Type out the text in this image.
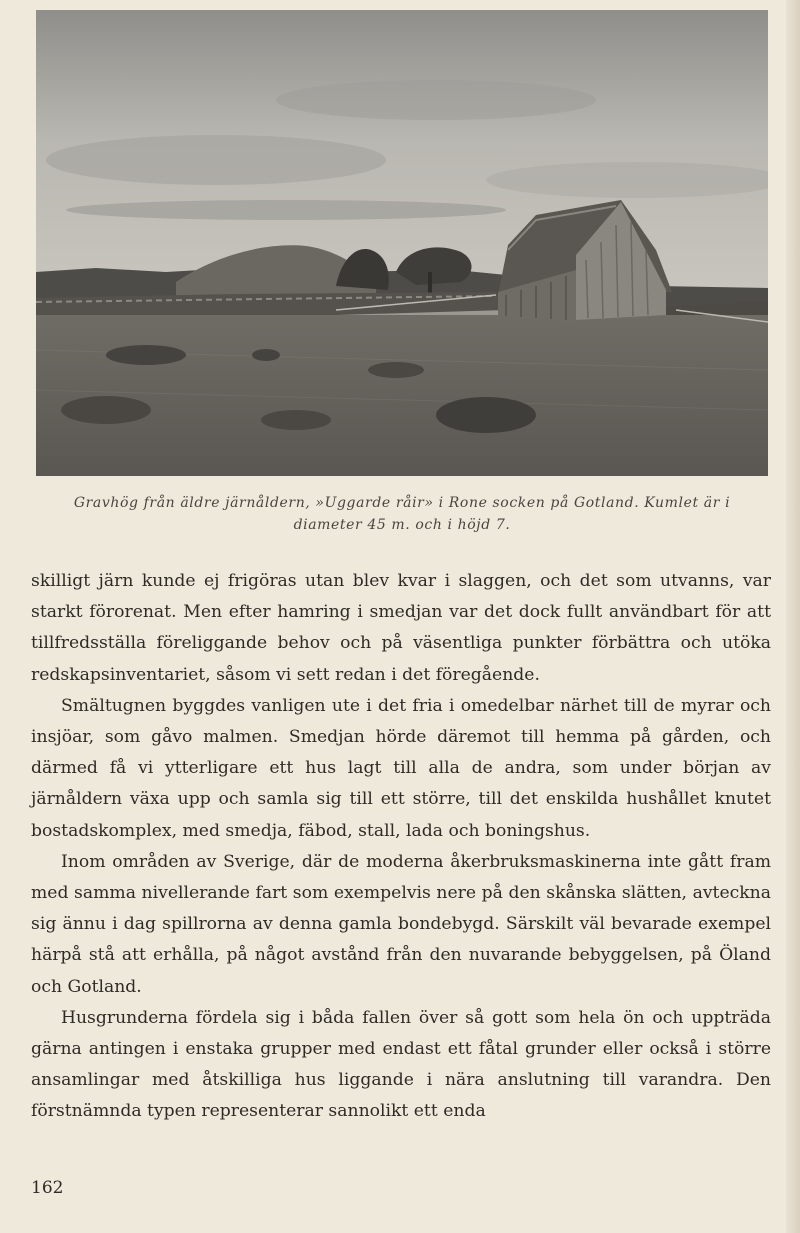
Gravhög från äldre järnåldern, »Uggarde råir» i Rone socken på Gotland. Kumlet är i
diameter 45 m. och i höjd 7.

skilligt järn kunde ej frigöras utan blev kvar i slaggen, och det som utvanns, var starkt förorenat. Men efter hamring i smedjan var det dock fullt användbart för att tillfredsställa föreliggande behov och på väsentliga punkter förbättra och utöka redskapsinventariet, såsom vi sett redan i det föregående.

Smältugnen byggdes vanligen ute i det fria i omedelbar närhet till de myrar och insjöar, som gåvo malmen. Smedjan hörde däremot till hemma på gården, och därmed få vi ytterligare ett hus lagt till alla de andra, som under början av järnåldern växa upp och samla sig till ett större, till det enskilda hushållet knutet bostadskomplex, med smedja, fäbod, stall, lada och boningshus.

Inom områden av Sverige, där de moderna åkerbruksmaskinerna inte gått fram med samma nivellerande fart som exempelvis nere på den skånska slätten, avteckna sig ännu i dag spillrorna av denna gamla bondebygd. Särskilt väl bevarade exempel härpå stå att erhålla, på något avstånd från den nuvarande bebyggelsen, på Öland och Gotland.

Husgrunderna fördela sig i båda fallen över så gott som hela ön och uppträda gärna antingen i enstaka grupper med endast ett fåtal grunder eller också i större ansamlingar med åtskilliga hus liggande i nära anslutning till varandra. Den förstnämnda typen representerar sannolikt ett enda

162
